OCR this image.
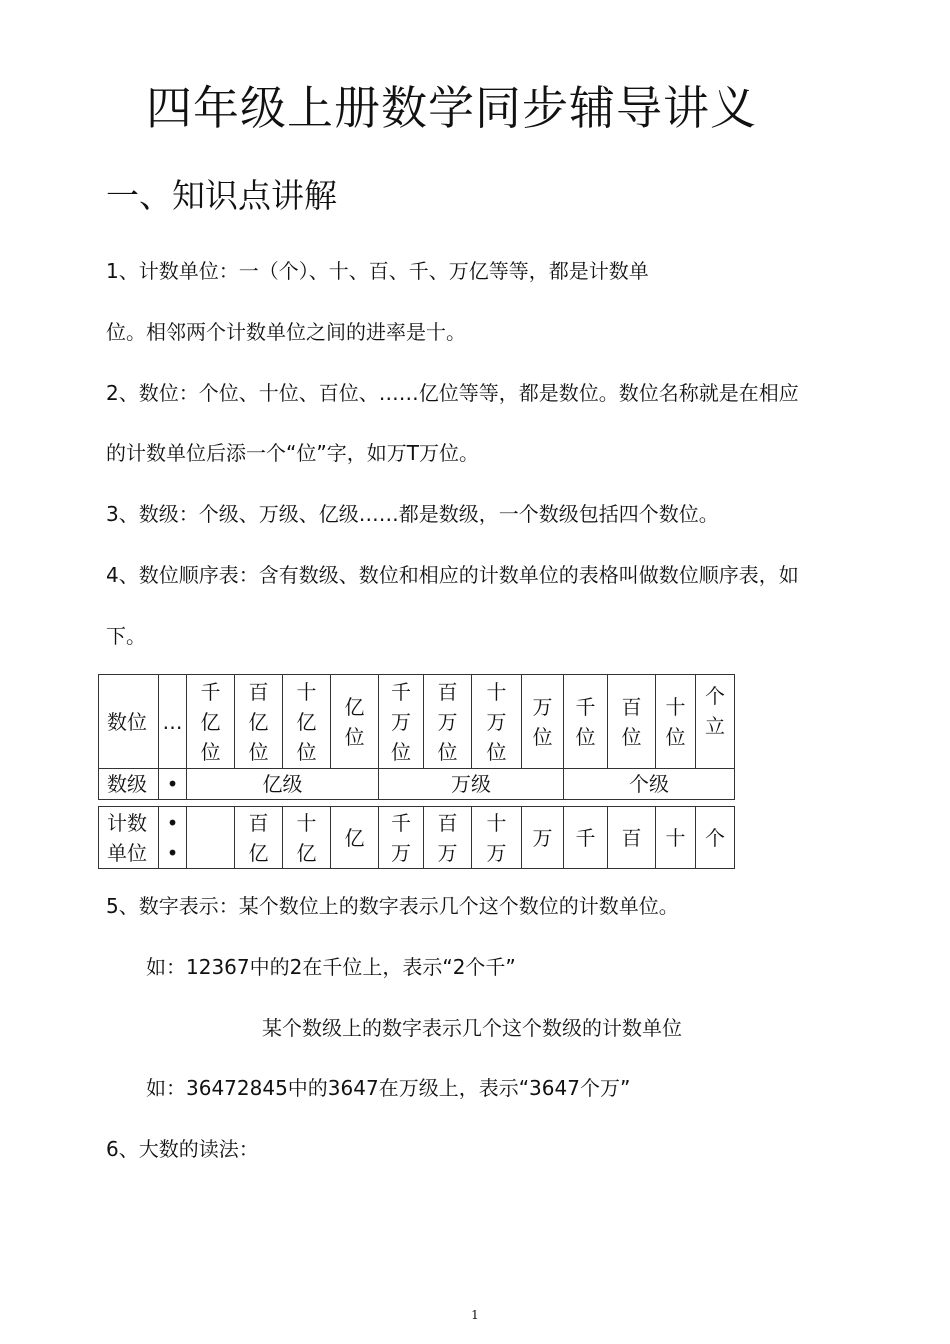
四年级上册数学同步辅导讲义
一、知识点讲解
1、计数单位：一（个）、十、百、千、万亿等等，都是计数单
位。相邻两个计数单位之间的进率是十。
2、数位：个位、十位、百位、……亿位等等，都是数位。数位名称就是在相应
的计数单位后添一个“位”字，如万T万位。
3、数级：个级、万级、亿级……都是数级，一个数级包括四个数位。
4、数位顺序表：含有数级、数位和相应的计数单位的表格叫做数位顺序表，如
下。
数位	…	千亿位	百亿位	十亿位	亿位	千万位	百万位	十万位	万位	千位	百位	十位	个立
数级	•	亿级				万级				个级			

计数单位	••		百亿	十亿	亿	千万	百万	十万	万	千	百	十	个
5、数字表示：某个数位上的数字表示几个这个数位的计数单位。
如：12367中的2在千位上，表示“2个千”
某个数级上的数字表示几个这个数级的计数单位
如：36472845中的3647在万级上，表示“3647个万”
6、大数的读法：
1
